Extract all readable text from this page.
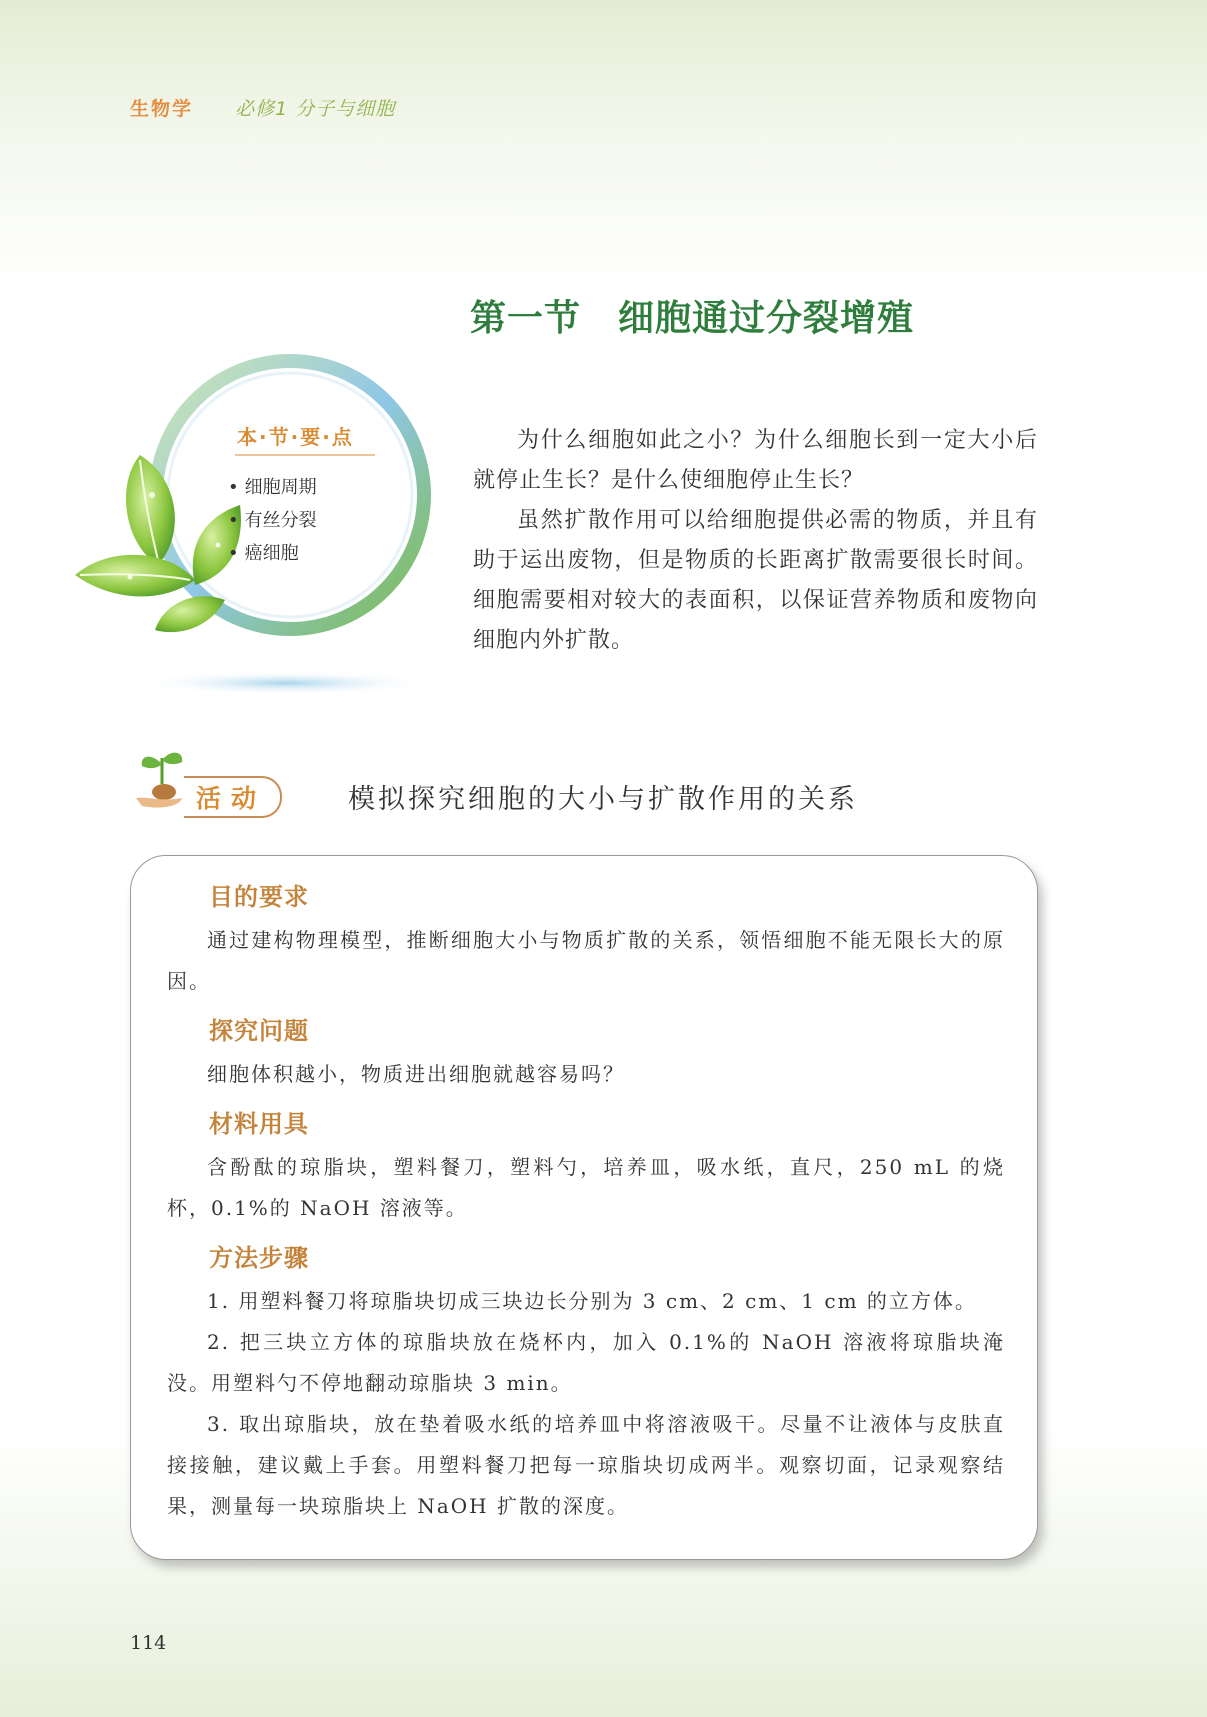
生物学 必修1 分子与细胞
第一节　细胞通过分裂增殖
本·节·要·点
• 细胞周期
• 有丝分裂
• 癌细胞

为什么细胞如此之小？为什么细胞长到一定大小后就停止生长？是什么使细胞停止生长？

虽然扩散作用可以给细胞提供必需的物质，并且有助于运出废物，但是物质的长距离扩散需要很长时间。细胞需要相对较大的表面积，以保证营养物质和废物向细胞内外扩散。

活动	模拟探究细胞的大小与扩散作用的关系
目的要求

通过建构物理模型，推断细胞大小与物质扩散的关系，领悟细胞不能无限长大的原因。

探究问题

细胞体积越小，物质进出细胞就越容易吗？

材料用具

含酚酞的琼脂块，塑料餐刀，塑料勺，培养皿，吸水纸，直尺，250 mL 的烧杯，0.1%的 NaOH 溶液等。

方法步骤

1. 用塑料餐刀将琼脂块切成三块边长分别为 3 cm、2 cm、1 cm 的立方体。

2. 把三块立方体的琼脂块放在烧杯内，加入 0.1%的 NaOH 溶液将琼脂块淹没。用塑料勺不停地翻动琼脂块 3 min。

3. 取出琼脂块，放在垫着吸水纸的培养皿中将溶液吸干。尽量不让液体与皮肤直接接触，建议戴上手套。用塑料餐刀把每一琼脂块切成两半。观察切面，记录观察结果，测量每一块琼脂块上 NaOH 扩散的深度。

114
